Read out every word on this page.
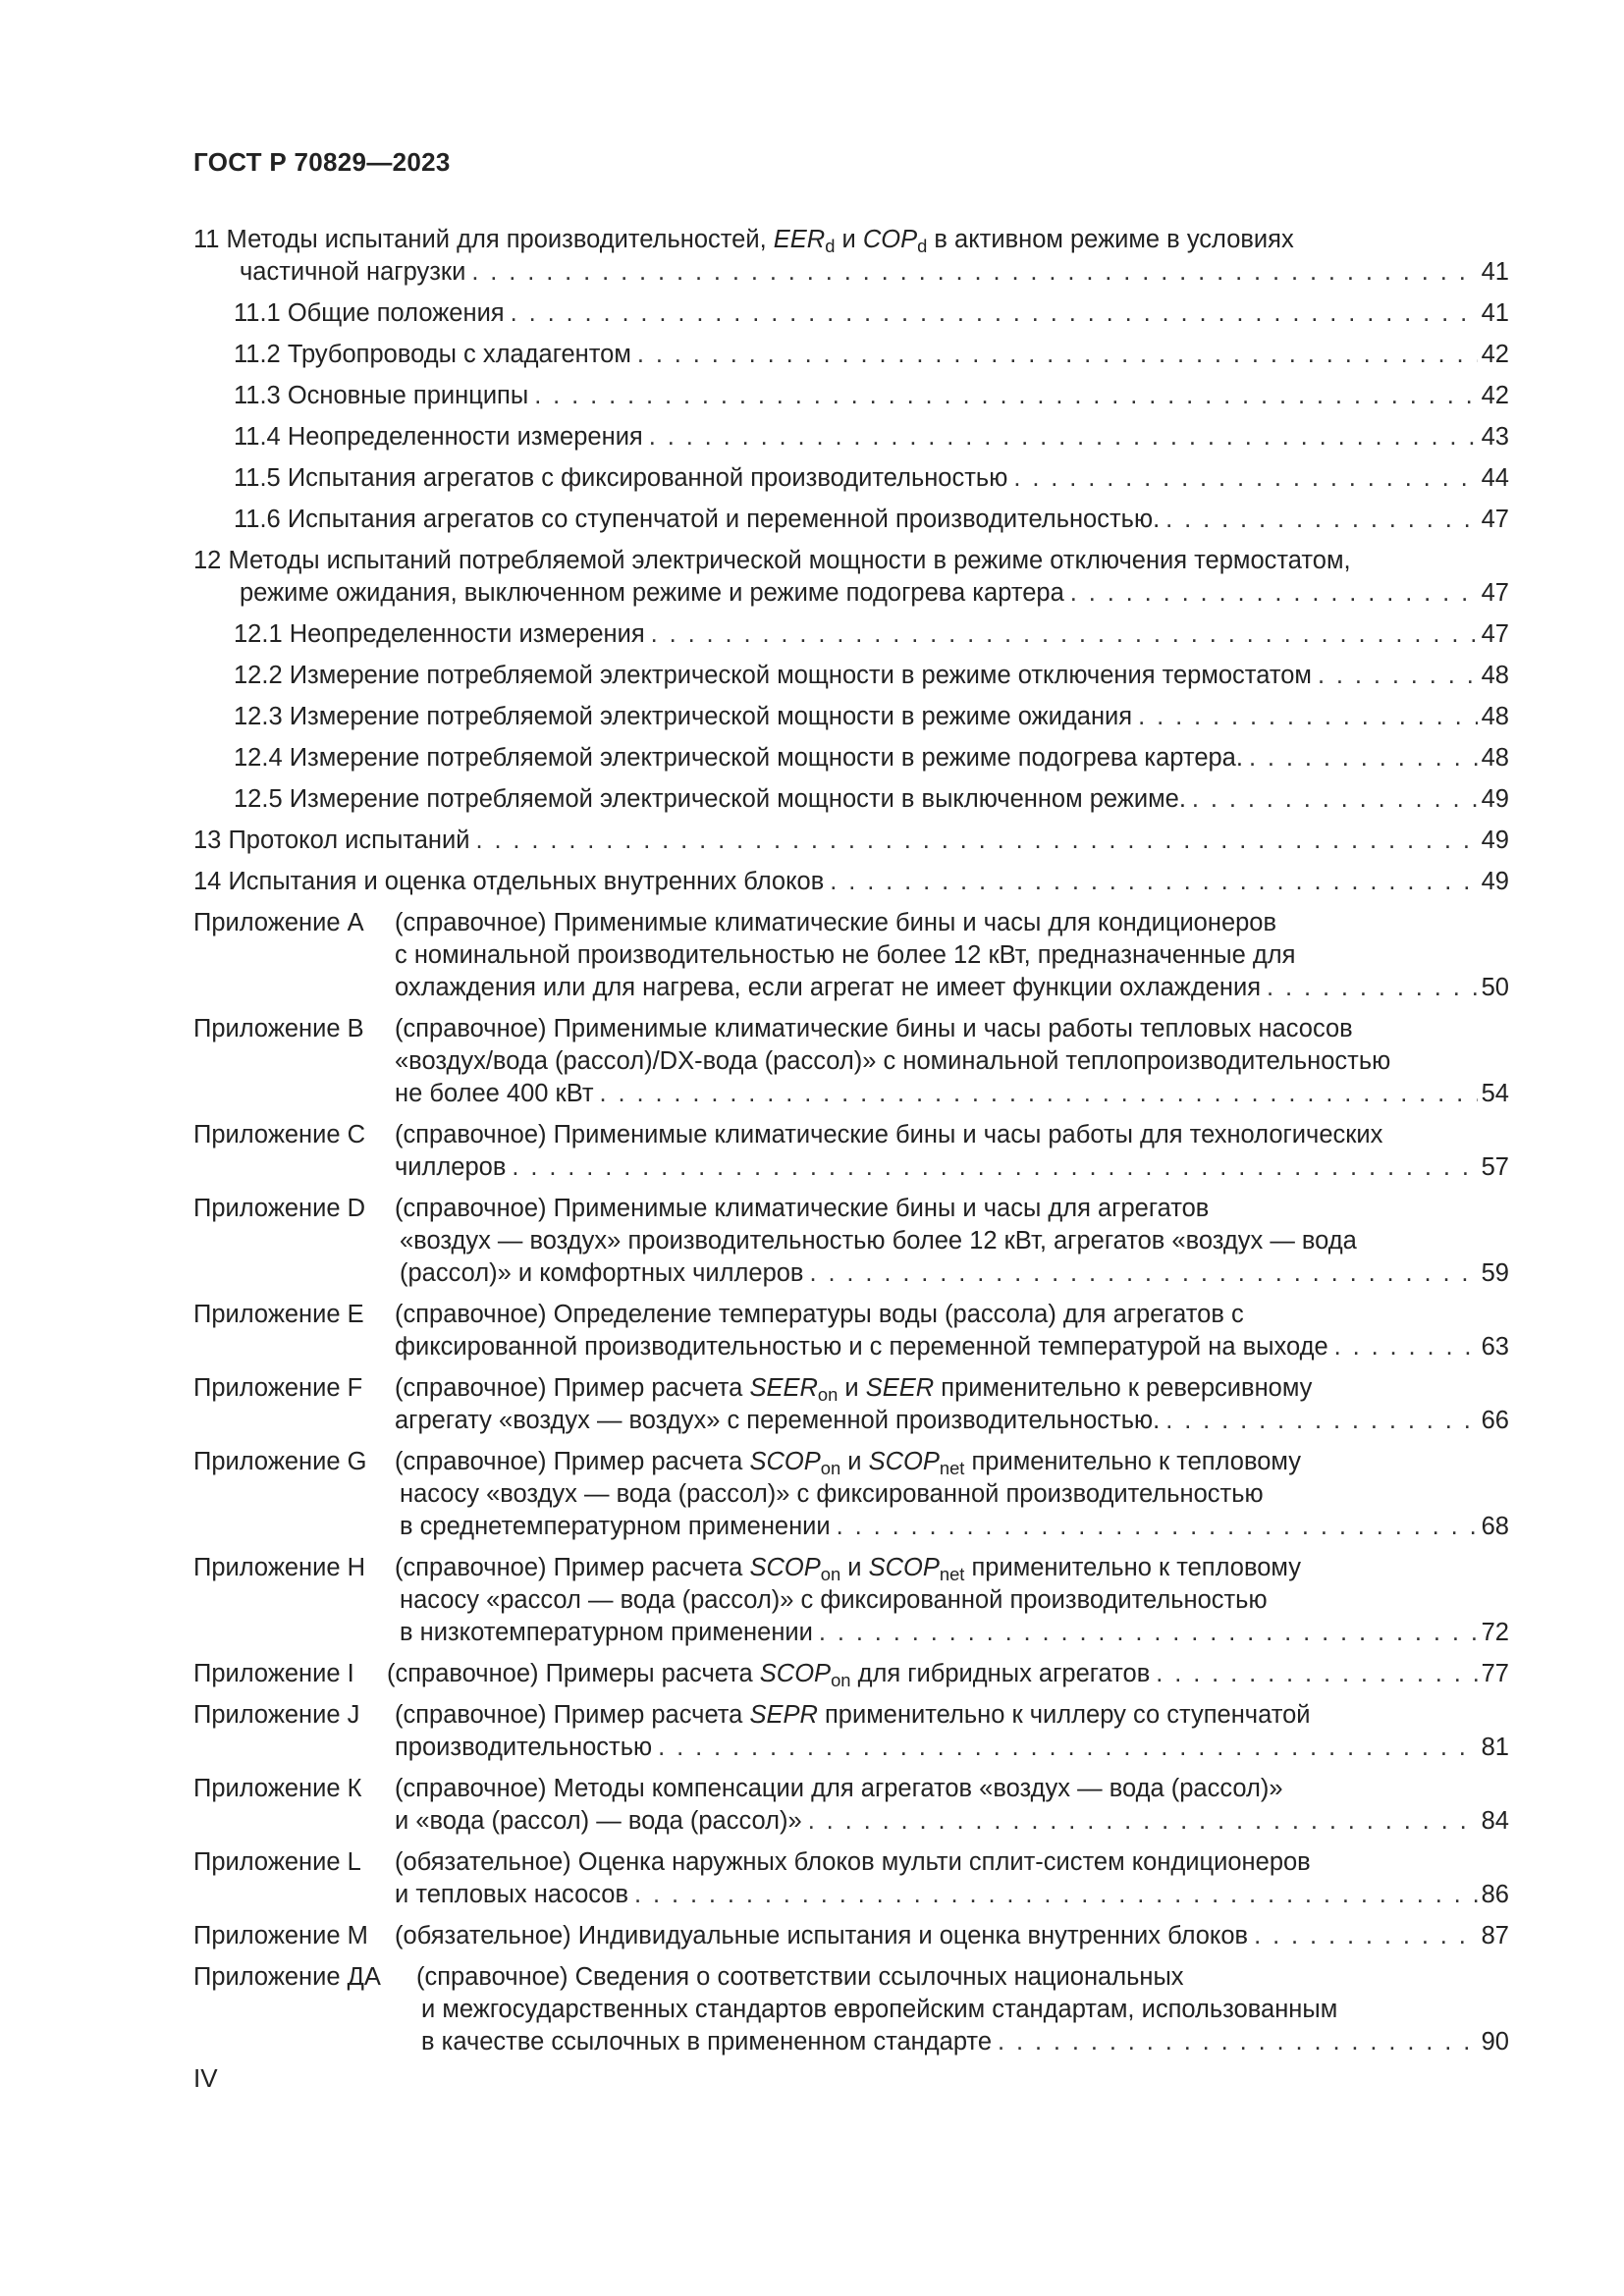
ГОСТ Р 70829—2023
11 Методы испытаний для производительностей, $EER_d$ и $COP_d$ в активном режиме в условиях
частичной нагрузки . . .	41
11.1 Общие положения . . .	41
11.2 Трубопроводы с хладагентом . . .	42
11.3 Основные принципы . . .	42
11.4 Неопределенности измерения . . .	43
11.5 Испытания агрегатов с фиксированной производительностью . . .	44
11.6 Испытания агрегатов со ступенчатой и переменной производительностью. . . .	47
12 Методы испытаний потребляемой электрической мощности в режиме отключения термостатом,
режиме ожидания, выключенном режиме и режиме подогрева картера . . .	47
12.1 Неопределенности измерения . . .	47
12.2 Измерение потребляемой электрической мощности в режиме отключения термостатом . . .	48
12.3 Измерение потребляемой электрической мощности в режиме ожидания . . .	48
12.4 Измерение потребляемой электрической мощности в режиме подогрева картера. . . .	48
12.5 Измерение потребляемой электрической мощности в выключенном режиме. . . .	49
13 Протокол испытаний . . .	49
14 Испытания и оценка отдельных внутренних блоков . . .	49
Приложение А (справочное) Применимые климатические бины и часы для кондиционеров
с номинальной производительностью не более 12 кВт, предназначенные для
охлаждения или для нагрева, если агрегат не имеет функции охлаждения . . .	50
Приложение В (справочное) Применимые климатические бины и часы работы тепловых насосов
«воздух/вода (рассол)/DX-вода (рассол)» с номинальной теплопроизводительностью
не более 400 кВт . . .	54
Приложение С (справочное) Применимые климатические бины и часы работы для технологических
чиллеров . . .	57
Приложение D (справочное) Применимые климатические бины и часы для агрегатов
«воздух — воздух» производительностью более 12 кВт, агрегатов «воздух — вода
(рассол)» и комфортных чиллеров . . .	59
Приложение Е (справочное) Определение температуры воды (рассола) для агрегатов с
фиксированной производительностью и с переменной температурой на выходе . . .	63
Приложение F (справочное) Пример расчета $SEER_{on}$ и SEER применительно к реверсивному
агрегату «воздух — воздух» с переменной производительностью. . . .	66
Приложение G (справочное) Пример расчета $SCOP_{on}$ и $SCOP_{net}$ применительно к тепловому
насосу «воздух — вода (рассол)» с фиксированной производительностью
в среднетемпературном применении . . .	68
Приложение Н (справочное) Пример расчета $SCOP_{on}$ и $SCOP_{net}$ применительно к тепловому
насосу «рассол — вода (рассол)» с фиксированной производительностью
в низкотемпературном применении . . .	72
Приложение I (справочное) Примеры расчета $SCOP_{on}$ для гибридных агрегатов . . .	77
Приложение J (справочное) Пример расчета SEPR применительно к чиллеру со ступенчатой
производительностью . . .	81
Приложение К (справочное) Методы компенсации для агрегатов «воздух — вода (рассол)»
и «вода (рассол) — вода (рассол)» . . .	84
Приложение L (обязательное) Оценка наружных блоков мульти сплит-систем кондиционеров
и тепловых насосов . . .	86
Приложение М (обязательное) Индивидуальные испытания и оценка внутренних блоков . . .	87
Приложение ДА (справочное) Сведения о соответствии ссылочных национальных
и межгосударственных стандартов европейским стандартам, использованным
в качестве ссылочных в примененном стандарте . . .	90
IV
